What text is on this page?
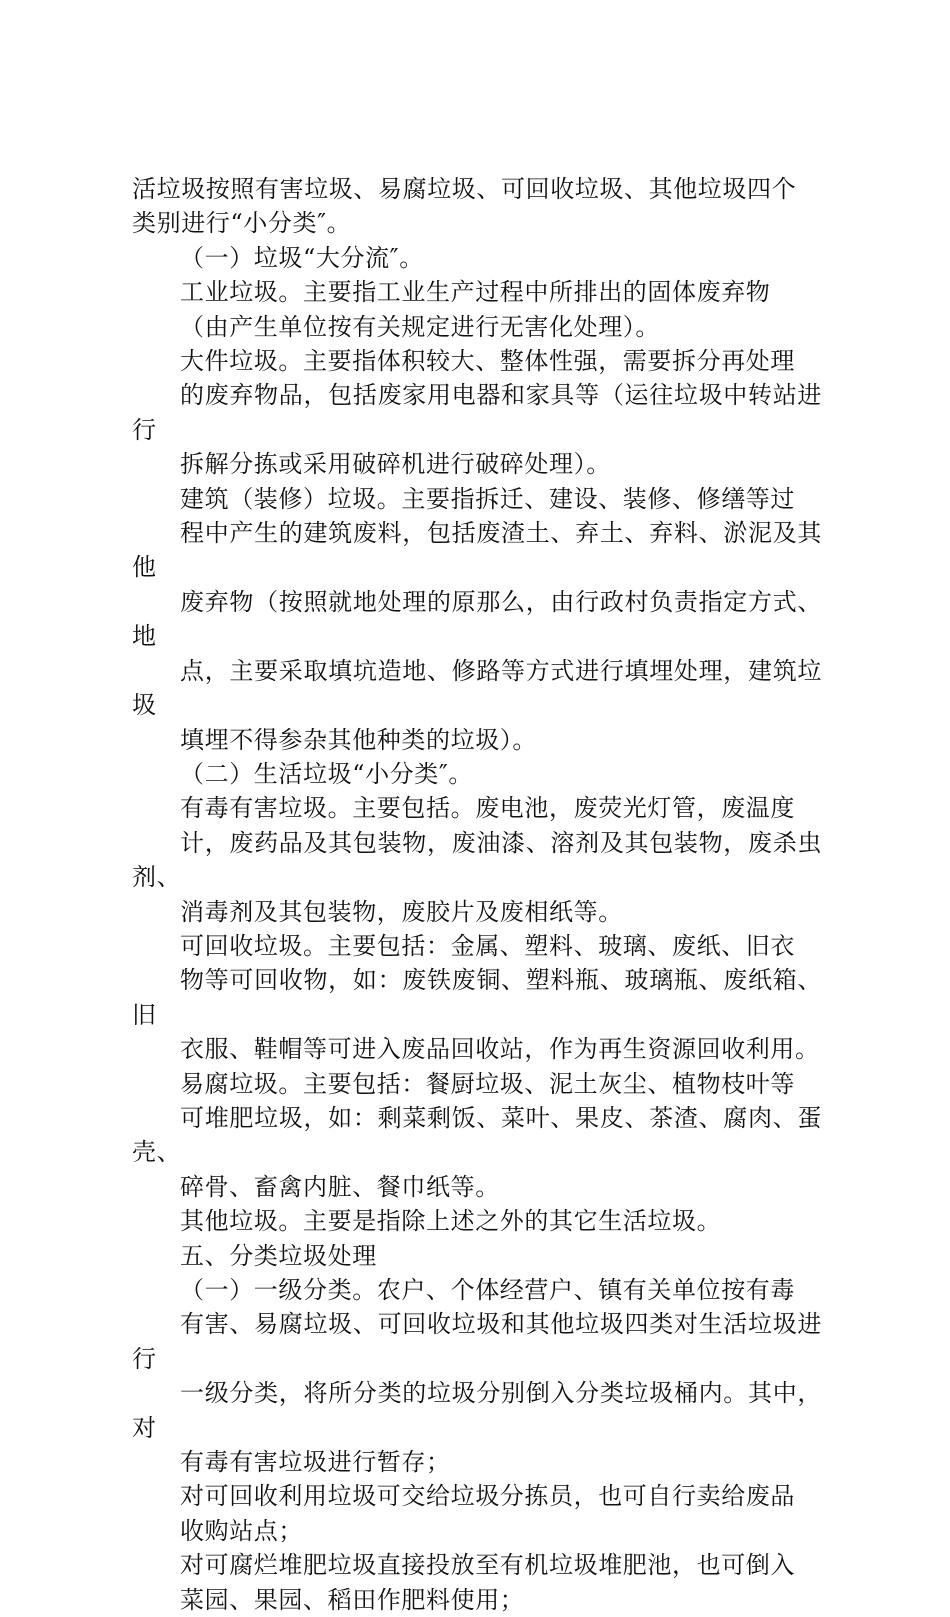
活垃圾按照有害垃圾、易腐垃圾、可回收垃圾、其他垃圾四个
类别进行“小分类″。
（一）垃圾“大分流″。
工业垃圾。主要指工业生产过程中所排出的固体废弃物
（由产生单位按有关规定进行无害化处理）。
大件垃圾。主要指体积较大、整体性强，需要拆分再处理
的废弃物品，包括废家用电器和家具等（运往垃圾中转站进行
拆解分拣或采用破碎机进行破碎处理）。
建筑（装修）垃圾。主要指拆迁、建设、装修、修缮等过
程中产生的建筑废料，包括废渣土、弃土、弃料、淤泥及其他
废弃物（按照就地处理的原那么，由行政村负责指定方式、地
点，主要采取填坑造地、修路等方式进行填埋处理，建筑垃圾
填埋不得参杂其他种类的垃圾）。
（二）生活垃圾“小分类″。
有毒有害垃圾。主要包括。废电池，废荧光灯管，废温度
计，废药品及其包装物，废油漆、溶剂及其包装物，废杀虫剂、
消毒剂及其包装物，废胶片及废相纸等。
可回收垃圾。主要包括：金属、塑料、玻璃、废纸、旧衣
物等可回收物，如：废铁废铜、塑料瓶、玻璃瓶、废纸箱、旧
衣服、鞋帽等可进入废品回收站，作为再生资源回收利用。
易腐垃圾。主要包括：餐厨垃圾、泥土灰尘、植物枝叶等
可堆肥垃圾，如：剩菜剩饭、菜叶、果皮、茶渣、腐肉、蛋壳、
碎骨、畜禽内脏、餐巾纸等。
其他垃圾。主要是指除上述之外的其它生活垃圾。
五、分类垃圾处理
（一）一级分类。农户、个体经营户、镇有关单位按有毒
有害、易腐垃圾、可回收垃圾和其他垃圾四类对生活垃圾进行
一级分类，将所分类的垃圾分别倒入分类垃圾桶内。其中，对
有毒有害垃圾进行暂存；
对可回收利用垃圾可交给垃圾分拣员，也可自行卖给废品
收购站点；
对可腐烂堆肥垃圾直接投放至有机垃圾堆肥池，也可倒入
菜园、果园、稻田作肥料使用；
